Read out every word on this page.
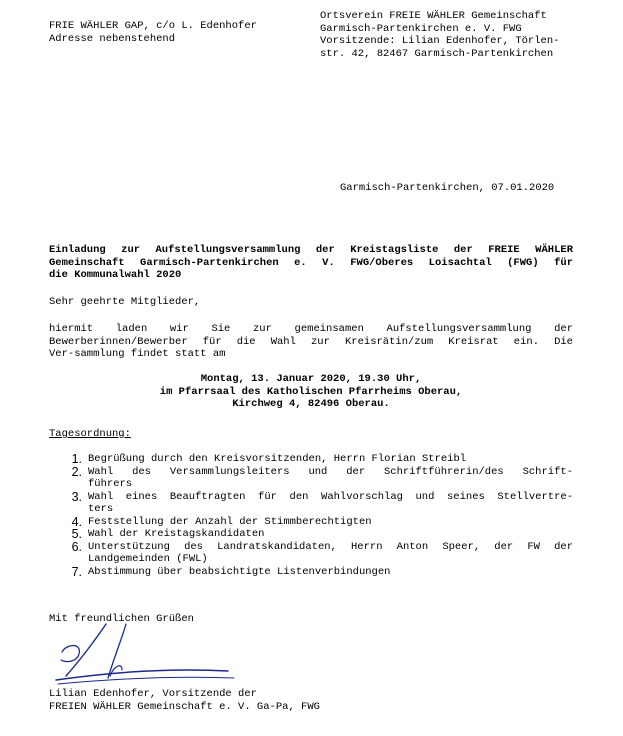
FRIE WÄHLER GAP, c/o L. Edenhofer
Adresse nebenstehend
Ortsverein FREIE WÄHLER Gemeinschaft
Garmisch-Partenkirchen e. V. FWG
Vorsitzende: Lilian Edenhofer, Törlen-
str. 42, 82467 Garmisch-Partenkirchen
Garmisch-Partenkirchen, 07.01.2020
Einladung zur Aufstellungsversammlung der Kreistagsliste der FREIE WÄHLER
Gemeinschaft Garmisch-Partenkirchen e. V. FWG/Oberes Loisachtal (FWG) für
die Kommunalwahl 2020
Sehr geehrte Mitglieder,
hiermit laden wir Sie zur gemeinsamen Aufstellungsversammlung der
Bewerberinnen/Bewerber für die Wahl zur Kreisrätin/zum Kreisrat ein. Die
Ver-sammlung findet statt am
Montag, 13. Januar 2020, 19.30 Uhr,
im Pfarrsaal des Katholischen Pfarrheims Oberau,
Kirchweg 4, 82496 Oberau.
Tagesordnung:
1. Begrüßung durch den Kreisvorsitzenden, Herrn Florian Streibl
2. Wahl des Versammlungsleiters und der Schriftführerin/des Schrift-
führers
3. Wahl eines Beauftragten für den Wahlvorschlag und seines Stellvertre-
ters
4. Feststellung der Anzahl der Stimmberechtigten
5. Wahl der Kreistagskandidaten
6. Unterstützung des Landratskandidaten, Herrn Anton Speer, der FW der
Landgemeinden (FWL)
7. Abstimmung über beabsichtigte Listenverbindungen
Mit freundlichen Grüßen
Lilian Edenhofer, Vorsitzende der
FREIEN WÄHLER Gemeinschaft e. V. Ga-Pa, FWG
